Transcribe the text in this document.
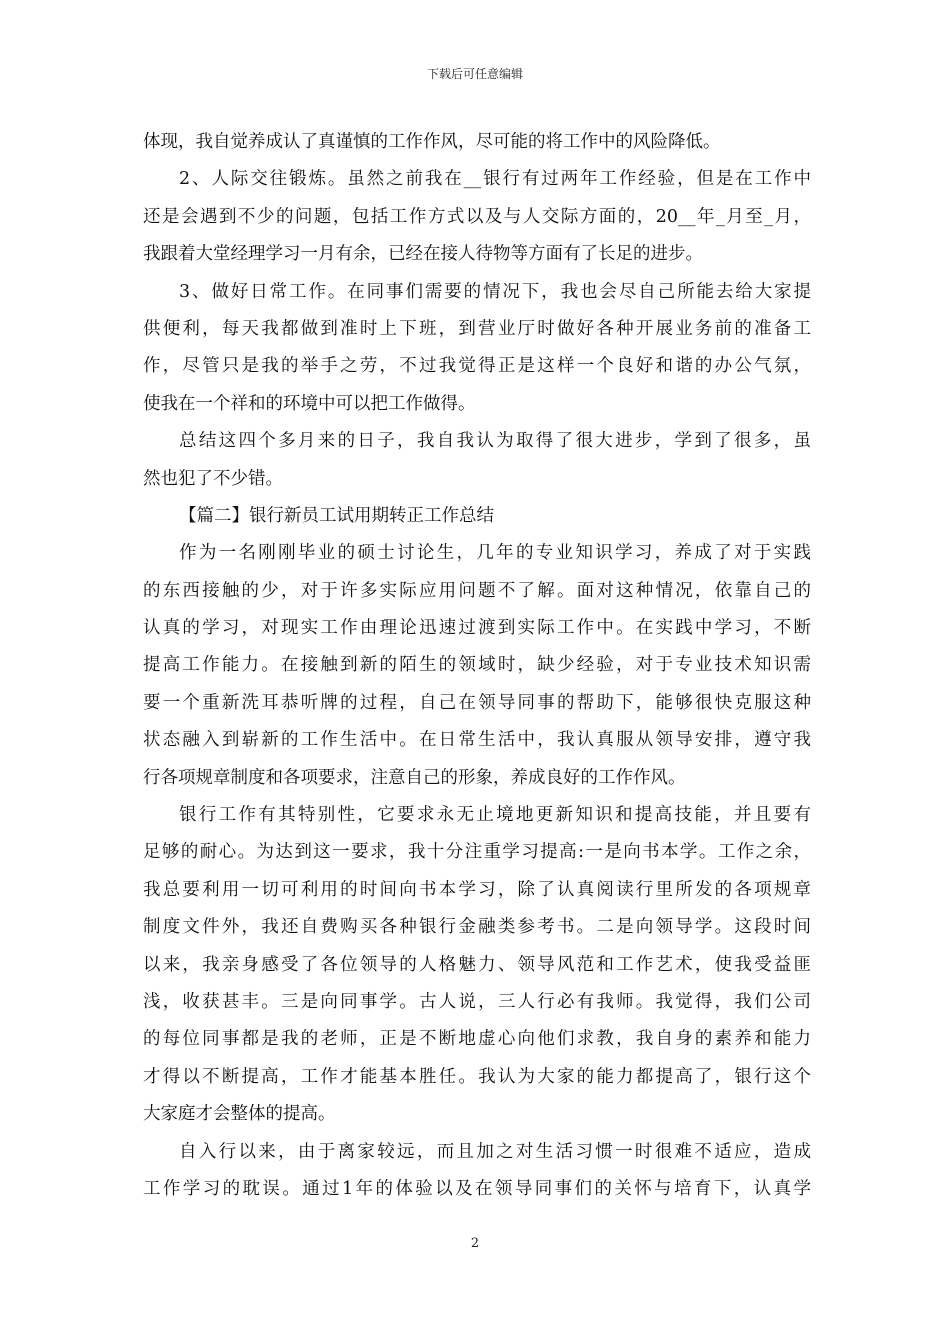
下载后可任意编辑
体现，我自觉养成认了真谨慎的工作作风，尽可能的将工作中的风险降低。
2、人际交往锻炼。虽然之前我在__银行有过两年工作经验，但是在工作中
还是会遇到不少的问题，包括工作方式以及与人交际方面的，20__年_月至_月，
我跟着大堂经理学习一月有余，已经在接人待物等方面有了长足的进步。
3、做好日常工作。在同事们需要的情况下，我也会尽自己所能去给大家提
供便利，每天我都做到准时上下班，到营业厅时做好各种开展业务前的准备工
作，尽管只是我的举手之劳，不过我觉得正是这样一个良好和谐的办公气氛，
使我在一个祥和的环境中可以把工作做得。
总结这四个多月来的日子，我自我认为取得了很大进步，学到了很多，虽
然也犯了不少错。
【篇二】银行新员工试用期转正工作总结
作为一名刚刚毕业的硕士讨论生，几年的专业知识学习，养成了对于实践
的东西接触的少，对于许多实际应用问题不了解。面对这种情况，依靠自己的
认真的学习，对现实工作由理论迅速过渡到实际工作中。在实践中学习，不断
提高工作能力。在接触到新的陌生的领域时，缺少经验，对于专业技术知识需
要一个重新洗耳恭听牌的过程，自己在领导同事的帮助下，能够很快克服这种
状态融入到崭新的工作生活中。在日常生活中，我认真服从领导安排，遵守我
行各项规章制度和各项要求，注意自己的形象，养成良好的工作作风。
银行工作有其特别性，它要求永无止境地更新知识和提高技能，并且要有
足够的耐心。为达到这一要求，我十分注重学习提高:一是向书本学。工作之余，
我总要利用一切可利用的时间向书本学习，除了认真阅读行里所发的各项规章
制度文件外，我还自费购买各种银行金融类参考书。二是向领导学。这段时间
以来，我亲身感受了各位领导的人格魅力、领导风范和工作艺术，使我受益匪
浅，收获甚丰。三是向同事学。古人说，三人行必有我师。我觉得，我们公司
的每位同事都是我的老师，正是不断地虚心向他们求教，我自身的素养和能力
才得以不断提高，工作才能基本胜任。我认为大家的能力都提高了，银行这个
大家庭才会整体的提高。
自入行以来，由于离家较远，而且加之对生活习惯一时很难不适应，造成
工作学习的耽误。通过1年的体验以及在领导同事们的关怀与培育下，认真学
2
